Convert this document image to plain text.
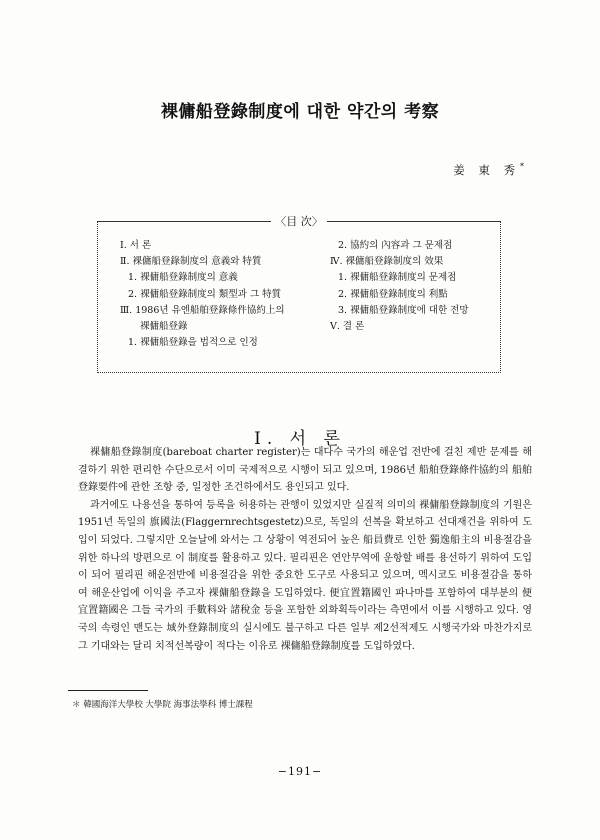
裸傭船登錄制度에 대한 약간의 考察
姜 東 秀*
〈目 次〉
Ⅰ. 서 론
Ⅱ. 裸傭船登錄制度의 意義와 特質
1. 裸傭船登錄制度의 意義
2. 裸傭船登錄制度의 類型과 그 特質
Ⅲ. 1986년 유엔船舶登錄條件協約上의
裸傭船登錄
1. 裸傭船登錄을 법적으로 인정
2. 協約의 內容과 그 문제점
Ⅳ. 裸傭船登錄制度의 效果
1. 裸傭船登錄制度의 문제점
2. 裸傭船登錄制度의 利點
3. 裸傭船登錄制度에 대한 전망
Ⅴ. 결 론
Ⅰ. 서 론

裸傭船登錄制度(bareboat charter register)는 대다수 국가의 해운업 전반에 걸친 제반 문제를 해결하기 위한 편리한 수단으로서 이미 국제적으로 시행이 되고 있으며, 1986년 船舶登錄條件協約의 船舶登錄要件에 관한 조항 중, 일정한 조건하에서도 용인되고 있다.

과거에도 나용선을 통하여 등록을 허용하는 관행이 있었지만 실질적 의미의 裸傭船登錄制度의 기원은 1951년 독일의 旗國法(Flaggernrechtsgestetz)으로, 독일의 선복을 확보하고 선대재건을 위하여 도입이 되었다. 그렇지만 오늘날에 와서는 그 상황이 역전되어 높은 船員費로 인한 獨逸船主의 비용절감을 위한 하나의 방편으로 이 制度를 활용하고 있다. 필리핀은 연안무역에 운항할 배를 용선하기 위하여 도입이 되어 필리핀 해운전반에 비용절감을 위한 중요한 도구로 사용되고 있으며, 멕시코도 비용절감을 통하여 해운산업에 이익을 주고자 裸傭船登錄을 도입하였다. 便宜置籍國인 파나마를 포함하여 대부분의 便宜置籍國은 그들 국가의 手數料와 諸稅金 등을 포함한 외화획득이라는 측면에서 이를 시행하고 있다. 영국의 속령인 맨도는 域外登錄制度의 실시에도 불구하고 다른 일부 제2선적제도 시행국가와 마찬가지로 그 기대와는 달리 치적선복량이 적다는 이유로 裸傭船登錄制度를 도입하였다.

＊ 韓國海洋大學校 大學院 海事法學科 博士課程
−191−
